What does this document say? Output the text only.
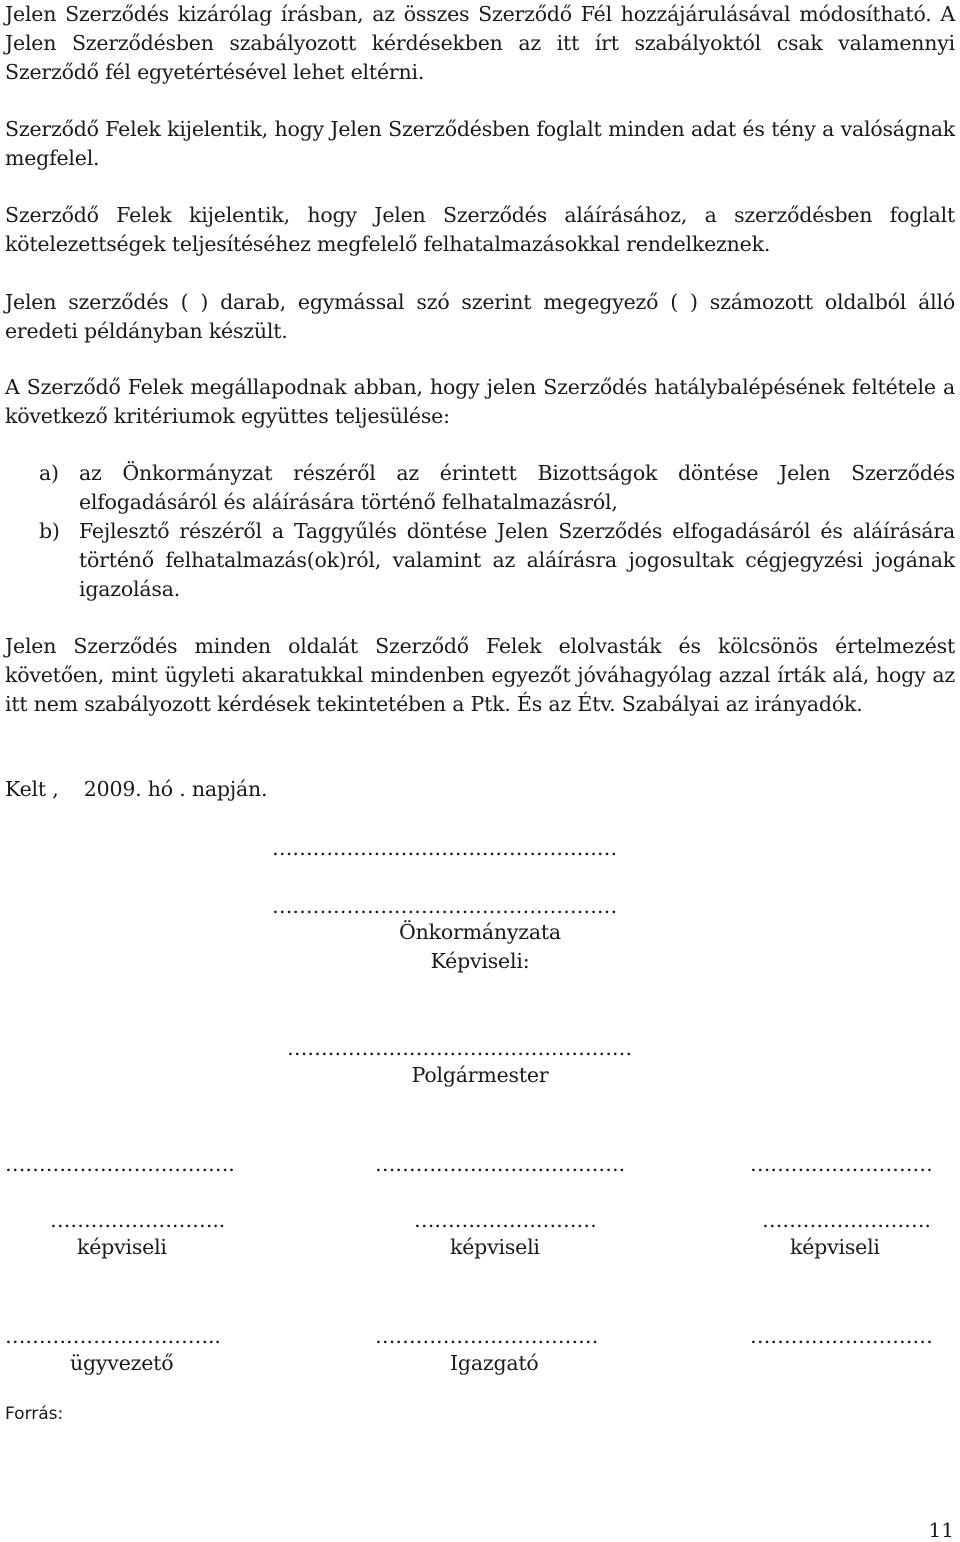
Jelen Szerződés kizárólag írásban, az összes Szerződő Fél hozzájárulásával módosítható. A Jelen Szerződésben szabályozott kérdésekben az itt írt szabályoktól csak valamennyi Szerződő fél egyetértésével lehet eltérni.
Szerződő Felek kijelentik, hogy Jelen Szerződésben foglalt minden adat és tény a valóságnak megfelel.
Szerződő Felek kijelentik, hogy Jelen Szerződés aláírásához, a szerződésben foglalt kötelezettségek teljesítéséhez megfelelő felhatalmazásokkal rendelkeznek.
Jelen szerződés ( ) darab, egymással szó szerint megegyező ( ) számozott oldalból álló eredeti példányban készült.
A Szerződő Felek megállapodnak abban, hogy jelen Szerződés hatálybalépésének feltétele a következő kritériumok együttes teljesülése:
a) az Önkormányzat részéről az érintett Bizottságok döntése Jelen Szerződés elfogadásáról és aláírására történő felhatalmazásról,
b) Fejlesztő részéről a Taggyűlés döntése Jelen Szerződés elfogadásáról és aláírására történő felhatalmazás(ok)ról, valamint az aláírásra jogosultak cégjegyzési jogának igazolása.
Jelen Szerződés minden oldalát Szerződő Felek elolvasták és kölcsönös értelmezést követően, mint ügyleti akaratukkal mindenben egyezőt jóváhagyólag azzal írták alá, hogy az itt nem szabályozott kérdések tekintetében a Ptk. És az Étv. Szabályai az irányadók.
Kelt ,    2009. hó . napján.
……………………………………………
……………………………………………
Önkormányzata
Képviseli:
……………………………………………
Polgármester
…………………………….	……………………………….	………………………
……………………..	………………………	…………………….
képviseli	képviseli	képviseli
…………………………..	……………………………	………………………
ügyvezető	Igazgató
Forrás:
11
